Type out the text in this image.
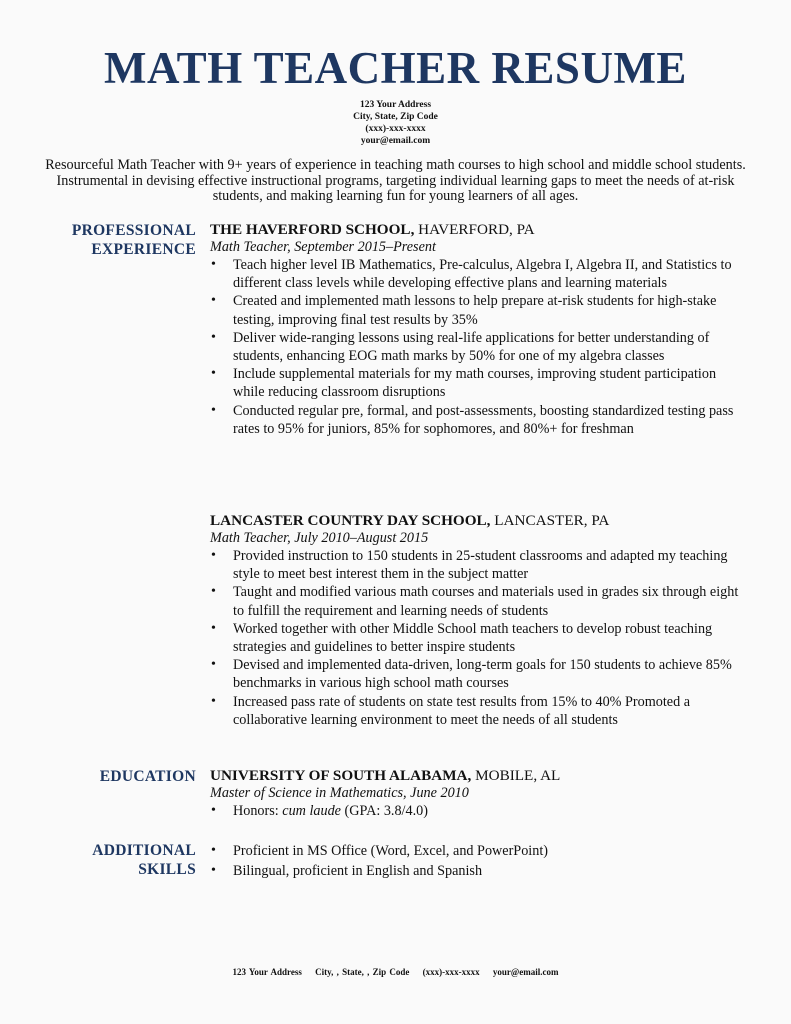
MATH TEACHER RESUME
123 Your Address
City, State, Zip Code
(xxx)-xxx-xxxx
your@email.com
Resourceful Math Teacher with 9+ years of experience in teaching math courses to high school and middle school students. Instrumental in devising effective instructional programs, targeting individual learning gaps to meet the needs of at-risk students, and making learning fun for young learners of all ages.
PROFESSIONAL
EXPERIENCE
THE HAVERFORD SCHOOL, HAVERFORD, PA
Math Teacher, September 2015–Present
• Teach higher level IB Mathematics, Pre-calculus, Algebra I, Algebra II, and Statistics to different class levels while developing effective plans and learning materials
• Created and implemented math lessons to help prepare at-risk students for high-stake testing, improving final test results by 35%
• Deliver wide-ranging lessons using real-life applications for better understanding of students, enhancing EOG math marks by 50% for one of my algebra classes
• Include supplemental materials for my math courses, improving student participation while reducing classroom disruptions
• Conducted regular pre, formal, and post-assessments, boosting standardized testing pass rates to 95% for juniors, 85% for sophomores, and 80%+ for freshman
LANCASTER COUNTRY DAY SCHOOL, LANCASTER, PA
Math Teacher, July 2010–August 2015
• Provided instruction to 150 students in 25-student classrooms and adapted my teaching style to meet best interest them in the subject matter
• Taught and modified various math courses and materials used in grades six through eight to fulfill the requirement and learning needs of students
• Worked together with other Middle School math teachers to develop robust teaching strategies and guidelines to better inspire students
• Devised and implemented data-driven, long-term goals for 150 students to achieve 85% benchmarks in various high school math courses
• Increased pass rate of students on state test results from 15% to 40% Promoted a collaborative learning environment to meet the needs of all students
EDUCATION UNIVERSITY OF SOUTH ALABAMA, MOBILE, AL
Master of Science in Mathematics, June 2010
• Honors: cum laude (GPA: 3.8/4.0)
ADDITIONAL
SKILLS
• Proficient in MS Office (Word, Excel, and PowerPoint)
• Bilingual, proficient in English and Spanish
123 Your Address City, , State, , Zip Code (xxx)-xxx-xxxx your@email.com
